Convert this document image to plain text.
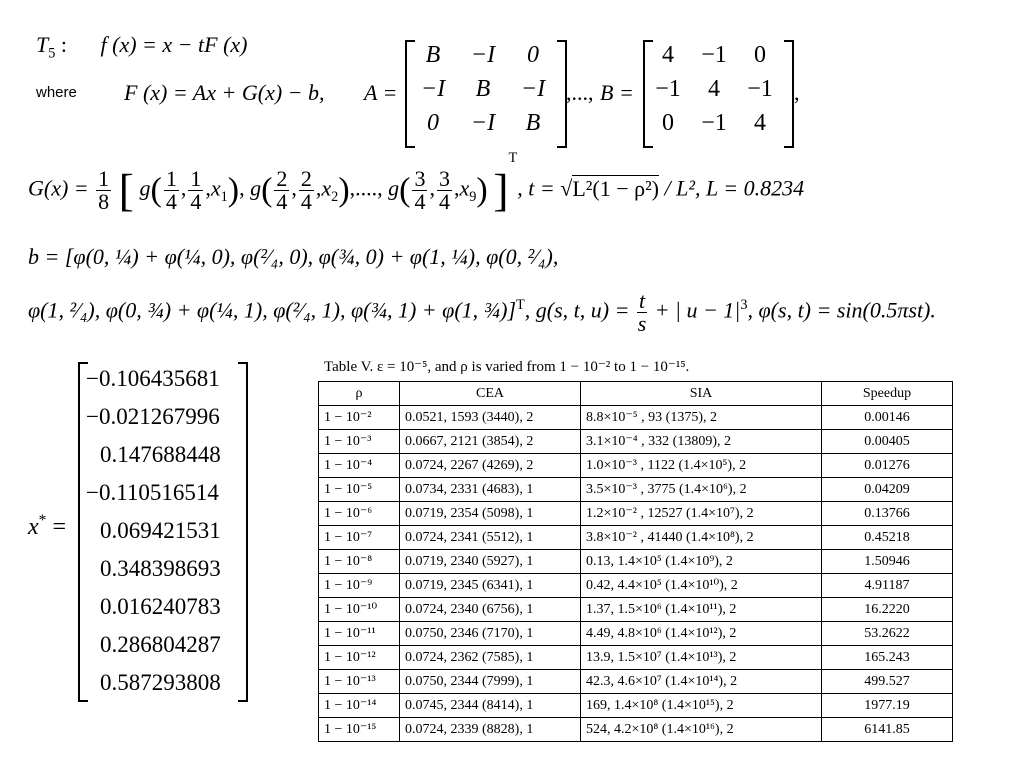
$T_5$ : f (x) = x − tF (x)
where F (x) = Ax + G(x) − b, A =
B	−I	0
−I	B	−I
0	−I	B
,..., B =
4	−1	0
−1	4	−1
0	−1	4
,
$G(x) = \frac{1}{8}$ [ $g( \frac{1}{4}$ , $\frac{1}{4} ,x_1$), $g( \frac{2}{4}$ , $\frac{2}{4} ,x_2$),...., $g( \frac{3}{4}$ , $\frac{3}{4} ,x_9$) ]$^T$, t = √L²(1 − ρ²) / L², L = 0.8234
b = [φ(0, ¼) + φ(¼, 0), φ(²⁄₄, 0), φ(¾, 0) + φ(1, ¼), φ(0, ²⁄₄),
φ(1, ²⁄₄), φ(0, ¾) + φ(¼, 1), φ(²⁄₄, 1), φ(¾, 1) + φ(1, ¾)]$^T$, g(s, t, $u) = \frac{t}{s}$ + | $u - 1|^3$, φ(s, t) = sin(0.5πst).
x* =
−0.106435681
−0.021267996
0.147688448
−0.110516514
0.069421531
0.348398693
0.016240783
0.286804287
0.587293808
Table V. ε = 10⁻⁵, and ρ is varied from 1 − 10⁻² to 1 − 10⁻¹⁵.
ρ	CEA	SIA	Speedup
1 − 10⁻²	0.0521, 1593 (3440), 2	8.8×10⁻⁵ , 93 (1375), 2	0.00146
1 − 10⁻³	0.0667, 2121 (3854), 2	3.1×10⁻⁴ , 332 (13809), 2	0.00405
1 − 10⁻⁴	0.0724, 2267 (4269), 2	1.0×10⁻³ , 1122 (1.4×10⁵), 2	0.01276
1 − 10⁻⁵	0.0734, 2331 (4683), 1	3.5×10⁻³ , 3775 (1.4×10⁶), 2	0.04209
1 − 10⁻⁶	0.0719, 2354 (5098), 1	1.2×10⁻² , 12527 (1.4×10⁷), 2	0.13766
1 − 10⁻⁷	0.0724, 2341 (5512), 1	3.8×10⁻² , 41440 (1.4×10⁸), 2	0.45218
1 − 10⁻⁸	0.0719, 2340 (5927), 1	0.13, 1.4×10⁵ (1.4×10⁹), 2	1.50946
1 − 10⁻⁹	0.0719, 2345 (6341), 1	0.42, 4.4×10⁵ (1.4×10¹⁰), 2	4.91187
1 − 10⁻¹⁰	0.0724, 2340 (6756), 1	1.37, 1.5×10⁶ (1.4×10¹¹), 2	16.2220
1 − 10⁻¹¹	0.0750, 2346 (7170), 1	4.49, 4.8×10⁶ (1.4×10¹²), 2	53.2622
1 − 10⁻¹²	0.0724, 2362 (7585), 1	13.9, 1.5×10⁷ (1.4×10¹³), 2	165.243
1 − 10⁻¹³	0.0750, 2344 (7999), 1	42.3, 4.6×10⁷ (1.4×10¹⁴), 2	499.527
1 − 10⁻¹⁴	0.0745, 2344 (8414), 1	169, 1.4×10⁸ (1.4×10¹⁵), 2	1977.19
1 − 10⁻¹⁵	0.0724, 2339 (8828), 1	524, 4.2×10⁸ (1.4×10¹⁶), 2	6141.85
